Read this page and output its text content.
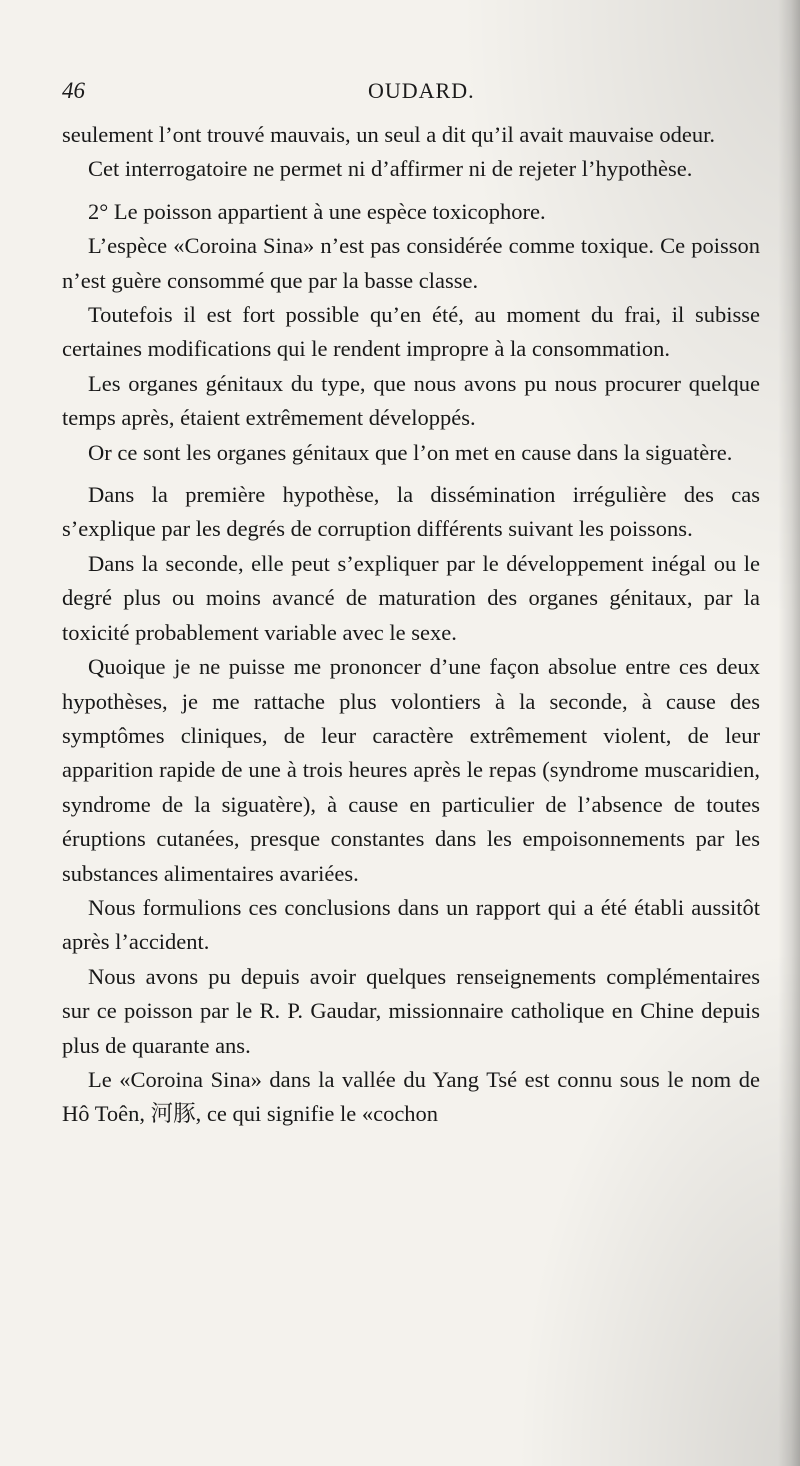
46	OUDARD.

seulement l’ont trouvé mauvais, un seul a dit qu’il avait mauvaise odeur.

Cet interrogatoire ne permet ni d’affirmer ni de rejeter l’hypothèse.

2° Le poisson appartient à une espèce toxicophore.

L’espèce «Coroina Sina» n’est pas considérée comme toxique. Ce poisson n’est guère consommé que par la basse classe.

Toutefois il est fort possible qu’en été, au moment du frai, il subisse certaines modifications qui le rendent impropre à la consommation.

Les organes génitaux du type, que nous avons pu nous procurer quelque temps après, étaient extrêmement développés.

Or ce sont les organes génitaux que l’on met en cause dans la siguatère.

Dans la première hypothèse, la dissémination irrégulière des cas s’explique par les degrés de corruption différents suivant les poissons.

Dans la seconde, elle peut s’expliquer par le développement inégal ou le degré plus ou moins avancé de maturation des organes génitaux, par la toxicité probablement variable avec le sexe.

Quoique je ne puisse me prononcer d’une façon absolue entre ces deux hypothèses, je me rattache plus volontiers à la seconde, à cause des symptômes cliniques, de leur caractère extrêmement violent, de leur apparition rapide de une à trois heures après le repas (syndrome muscaridien, syndrome de la siguatère), à cause en particulier de l’absence de toutes éruptions cutanées, presque constantes dans les empoisonnements par les substances alimentaires avariées.

Nous formulions ces conclusions dans un rapport qui a été établi aussitôt après l’accident.

Nous avons pu depuis avoir quelques renseignements complémentaires sur ce poisson par le R. P. Gaudar, missionnaire catholique en Chine depuis plus de quarante ans.

Le «Coroina Sina» dans la vallée du Yang Tsé est connu sous le nom de Hô Toên, 河豚, ce qui signifie le «cochon
